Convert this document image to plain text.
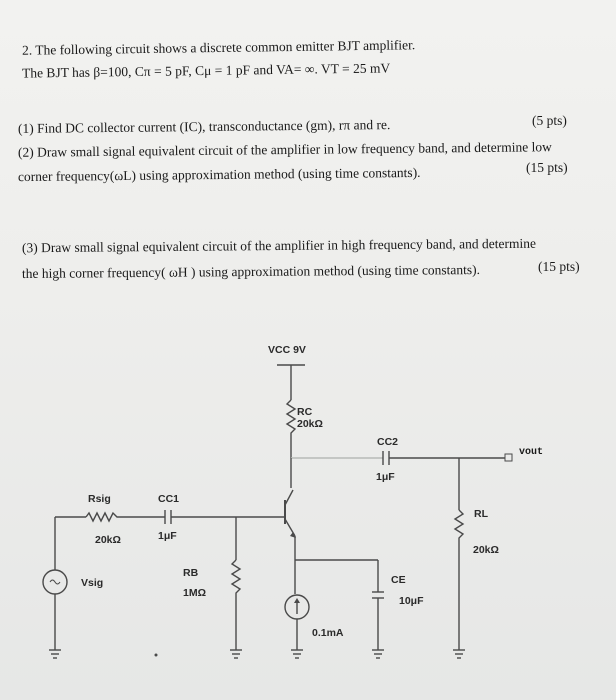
2. The following circuit shows a discrete common emitter BJT amplifier.
The BJT has β=100, Cπ = 5 pF, Cμ = 1 pF and VA= ∞. VT = 25 mV
(1) Find DC collector current (IC), transconductance (gm), rπ and re.	(5 pts)
(2) Draw small signal equivalent circuit of the amplifier in low frequency band, and determine low
corner frequency(ωL) using approximation method (using time constants).	(15 pts)
(3) Draw small signal equivalent circuit of the amplifier in high frequency band, and determine
the high corner frequency( ωH ) using approximation method (using time constants).	(15 pts)
VCC 9V
RC
20kΩ
CC2
1μF
vout
Rsig
20kΩ
CC1
1μF
RL
20kΩ
RB
1MΩ
Vsig	CE
10μF
0.1mA
